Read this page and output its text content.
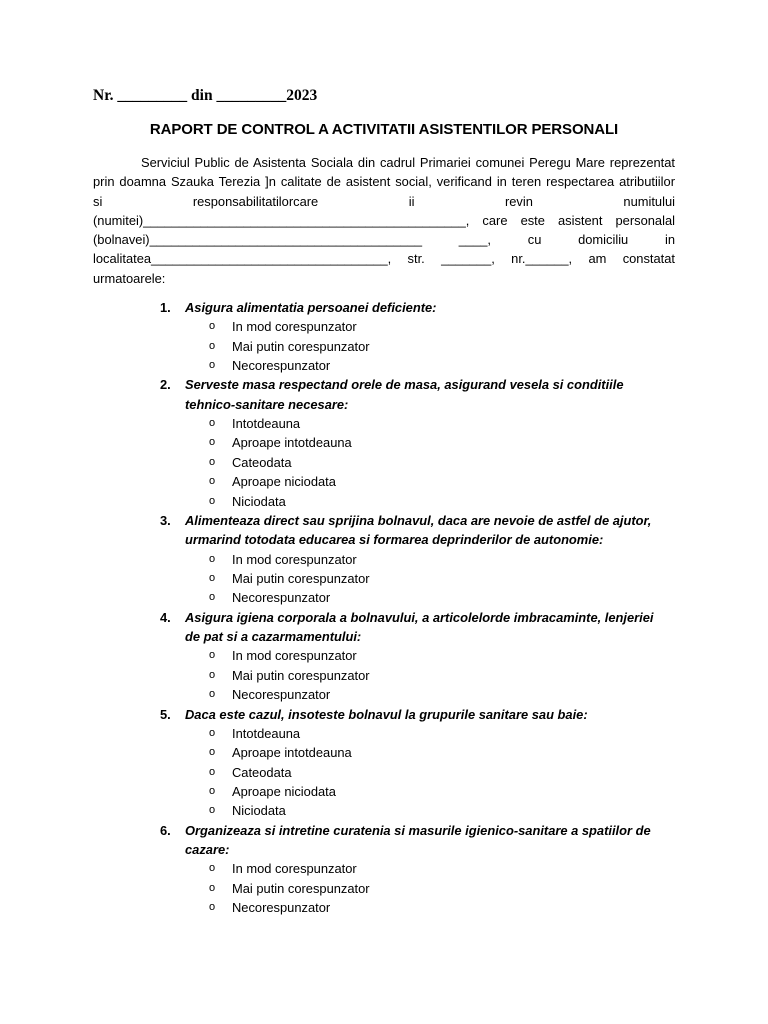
Nr. _________ din _________2023
RAPORT DE CONTROL A ACTIVITATII ASISTENTILOR PERSONALI
Serviciul Public de Asistenta Sociala din cadrul Primariei comunei Peregu Mare reprezentat
prin doamna Szauka Terezia ]n calitate de asistent social, verificand in teren respectarea atributiilor
si responsabilitatilorcare ii revin numitului
(numitei)_____________________________________________, care este asistent personalal
(bolnavei)______________________________________ ____, cu domiciliu in
localitatea_________________________________, str. _______, nr.______, am constatat
urmatoarele:
1. Asigura alimentatia persoanei deficiente:
o In mod corespunzator
o Mai putin corespunzator
o Necorespunzator
2. Serveste masa respectand orele de masa, asigurand vesela si conditiile tehnico-sanitare necesare:
o Intotdeauna
o Aproape intotdeauna
o Cateodata
o Aproape niciodata
o Niciodata
3. Alimenteaza direct sau sprijina bolnavul, daca are nevoie de astfel de ajutor, urmarind totodata educarea si formarea deprinderilor de autonomie:
o In mod corespunzator
o Mai putin corespunzator
o Necorespunzator
4. Asigura igiena corporala a bolnavului, a articolelorde imbracaminte, lenjeriei de pat si a cazarmamentului:
o In mod corespunzator
o Mai putin corespunzator
o Necorespunzator
5. Daca este cazul, insoteste bolnavul la grupurile sanitare sau baie:
o Intotdeauna
o Aproape intotdeauna
o Cateodata
o Aproape niciodata
o Niciodata
6. Organizeaza si intretine curatenia si masurile igienico-sanitare a spatiilor de cazare:
o In mod corespunzator
o Mai putin corespunzator
o Necorespunzator
